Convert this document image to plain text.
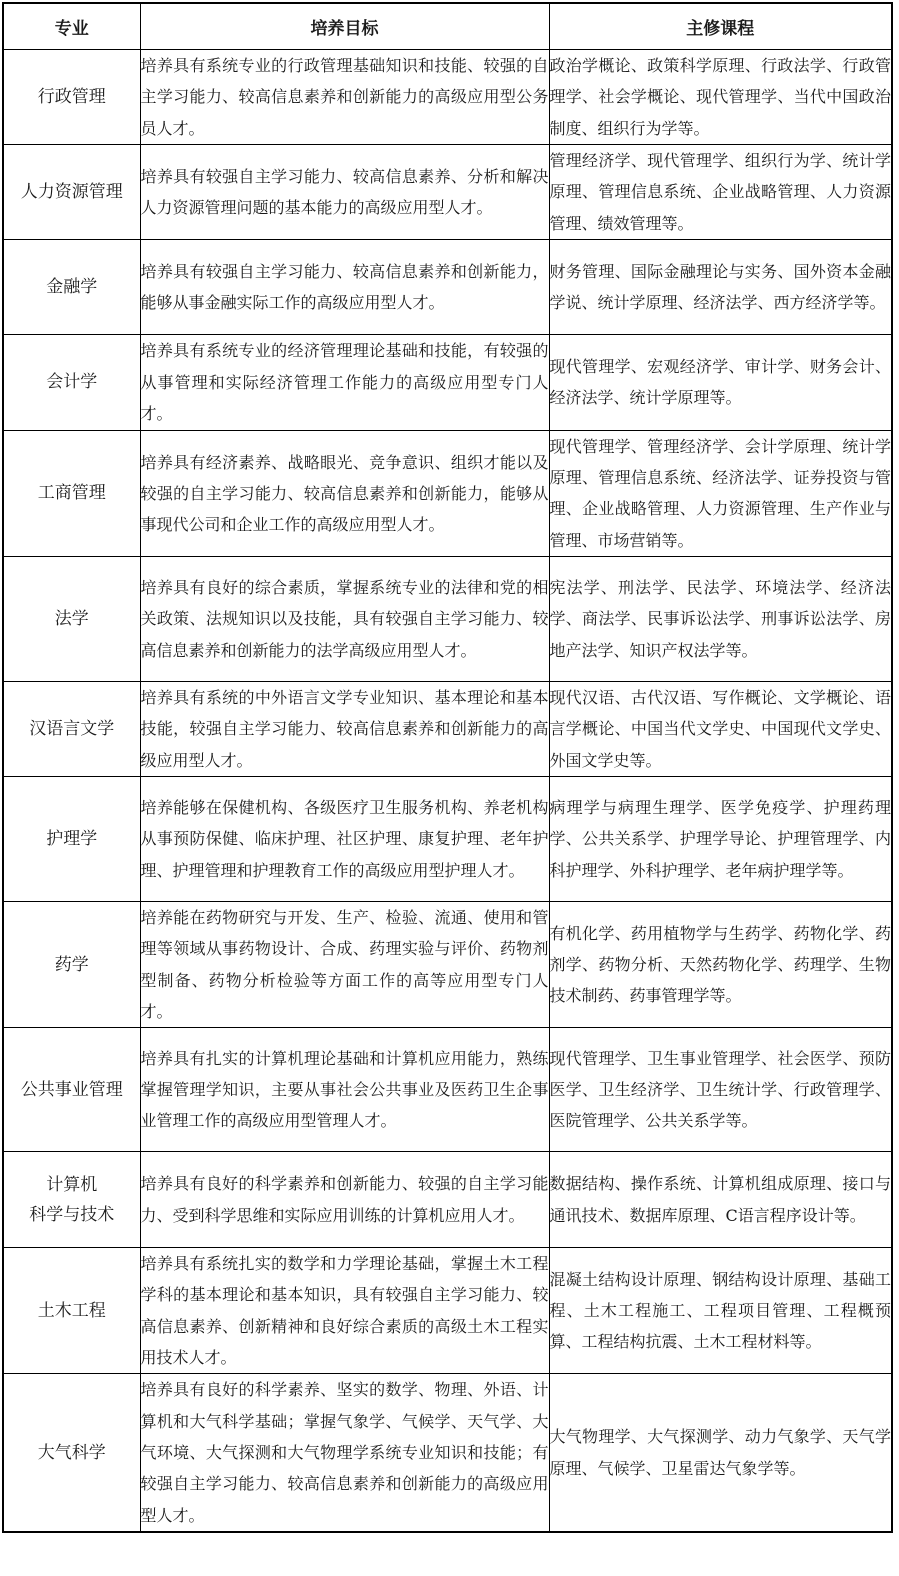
专业	培养目标	主修课程
行政管理	培养具有系统专业的行政管理基础知识和技能、较强的自主学习能力、较高信息素养和创新能力的高级应用型公务员人才。	政治学概论、政策科学原理、行政法学、行政管理学、社会学概论、现代管理学、当代中国政治制度、组织行为学等。
人力资源管理	培养具有较强自主学习能力、较高信息素养、分析和解决人力资源管理问题的基本能力的高级应用型人才。	管理经济学、现代管理学、组织行为学、统计学原理、管理信息系统、企业战略管理、人力资源管理、绩效管理等。
金融学	培养具有较强自主学习能力、较高信息素养和创新能力，能够从事金融实际工作的高级应用型人才。	财务管理、国际金融理论与实务、国外资本金融学说、统计学原理、经济法学、西方经济学等。
会计学	培养具有系统专业的经济管理理论基础和技能，有较强的从事管理和实际经济管理工作能力的高级应用型专门人才。	现代管理学、宏观经济学、审计学、财务会计、经济法学、统计学原理等。
工商管理	培养具有经济素养、战略眼光、竞争意识、组织才能以及较强的自主学习能力、较高信息素养和创新能力，能够从事现代公司和企业工作的高级应用型人才。	现代管理学、管理经济学、会计学原理、统计学原理、管理信息系统、经济法学、证券投资与管理、企业战略管理、人力资源管理、生产作业与管理、市场营销等。
法学	培养具有良好的综合素质，掌握系统专业的法律和党的相关政策、法规知识以及技能，具有较强自主学习能力、较高信息素养和创新能力的法学高级应用型人才。	宪法学、刑法学、民法学、环境法学、经济法学、商法学、民事诉讼法学、刑事诉讼法学、房地产法学、知识产权法学等。
汉语言文学	培养具有系统的中外语言文学专业知识、基本理论和基本技能，较强自主学习能力、较高信息素养和创新能力的高级应用型人才。	现代汉语、古代汉语、写作概论、文学概论、语言学概论、中国当代文学史、中国现代文学史、外国文学史等。
护理学	培养能够在保健机构、各级医疗卫生服务机构、养老机构从事预防保健、临床护理、社区护理、康复护理、老年护理、护理管理和护理教育工作的高级应用型护理人才。	病理学与病理生理学、医学免疫学、护理药理学、公共关系学、护理学导论、护理管理学、内科护理学、外科护理学、老年病护理学等。
药学	培养能在药物研究与开发、生产、检验、流通、使用和管理等领域从事药物设计、合成、药理实验与评价、药物剂型制备、药物分析检验等方面工作的高等应用型专门人才。	有机化学、药用植物学与生药学、药物化学、药剂学、药物分析、天然药物化学、药理学、生物技术制药、药事管理学等。
公共事业管理	培养具有扎实的计算机理论基础和计算机应用能力，熟练掌握管理学知识，主要从事社会公共事业及医药卫生企事业管理工作的高级应用型管理人才。	现代管理学、卫生事业管理学、社会医学、预防医学、卫生经济学、卫生统计学、行政管理学、医院管理学、公共关系学等。

计算机
科学与技术	培养具有良好的科学素养和创新能力、较强的自主学习能力、受到科学思维和实际应用训练的计算机应用人才。	数据结构、操作系统、计算机组成原理、接口与通讯技术、数据库原理、C语言程序设计等。
土木工程	培养具有系统扎实的数学和力学理论基础，掌握土木工程学科的基本理论和基本知识，具有较强自主学习能力、较高信息素养、创新精神和良好综合素质的高级土木工程实用技术人才。	混凝土结构设计原理、钢结构设计原理、基础工程、土木工程施工、工程项目管理、工程概预算、工程结构抗震、土木工程材料等。
大气科学	培养具有良好的科学素养、坚实的数学、物理、外语、计算机和大气科学基础；掌握气象学、气候学、天气学、大气环境、大气探测和大气物理学系统专业知识和技能；有较强自主学习能力、较高信息素养和创新能力的高级应用型人才。	大气物理学、大气探测学、动力气象学、天气学原理、气候学、卫星雷达气象学等。
